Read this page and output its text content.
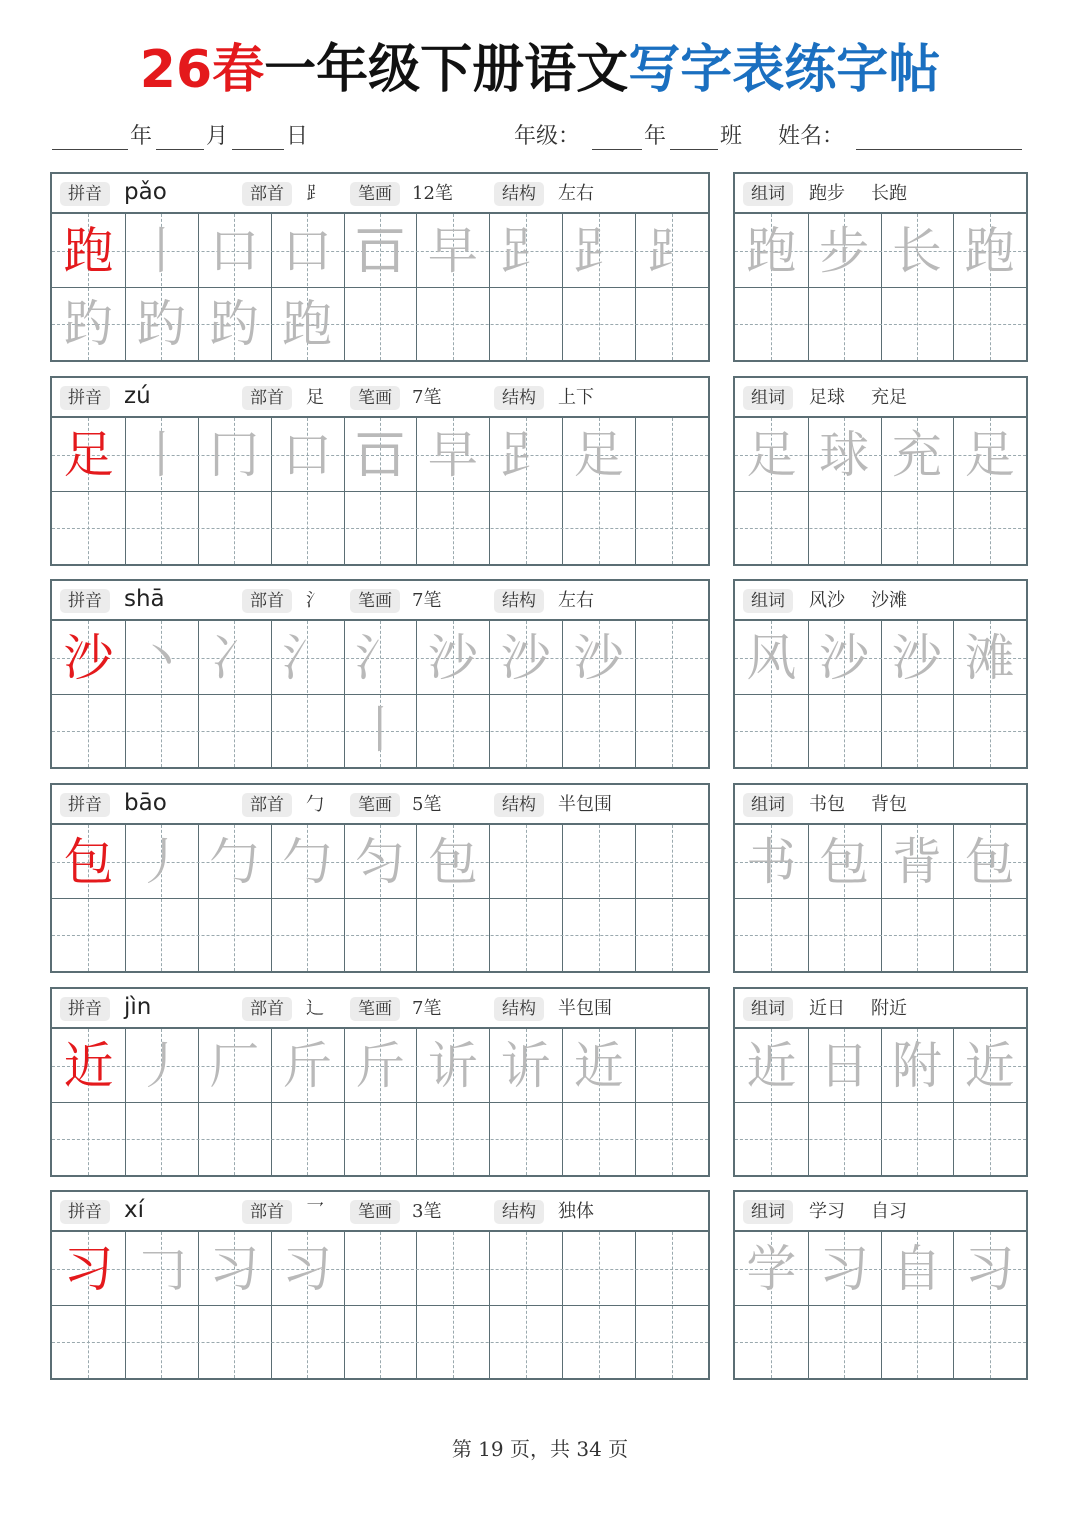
26春一年级下册语文写字表练字帖
年 月	日	年级：	年 班 姓名：
拼音	部首	笔画	结构
pǎo	⻊	12笔	左右
跑 丨 口 口 𠮛 早 𧾷 𧾷 ⻊
趵 趵 趵 跑
组词	跑步 长跑
跑 步 长 跑
拼音	部首	笔画	结构
zú	足	7笔	上下
足 丨 冂 口 𠮛 早 𧾷 足
组词	足球 充足
足 球 充 足
拼音	部首	笔画	结构
shā	氵	7笔	左右
沙 丶 冫 氵 氵丨
沙 沙 沙
组词	风沙 沙滩
风 沙 沙 滩
拼音	部首	笔画	结构
bāo	勹	5笔	半包围
包 丿 勹 勹 匀 包
组词	书包 背包
书 包 背 包
拼音	部首	笔画	结构
jìn	辶	7笔	半包围
近 丿 厂 斤 斤 䜣 䜣 近
组词	近日 附近
近 日 附 近
拼音	部首	笔画	结构
xí	乛	3笔	独体
习 𠃌 习 习
组词	学习 自习
学 习 自 习
第 19 页，共 34 页
